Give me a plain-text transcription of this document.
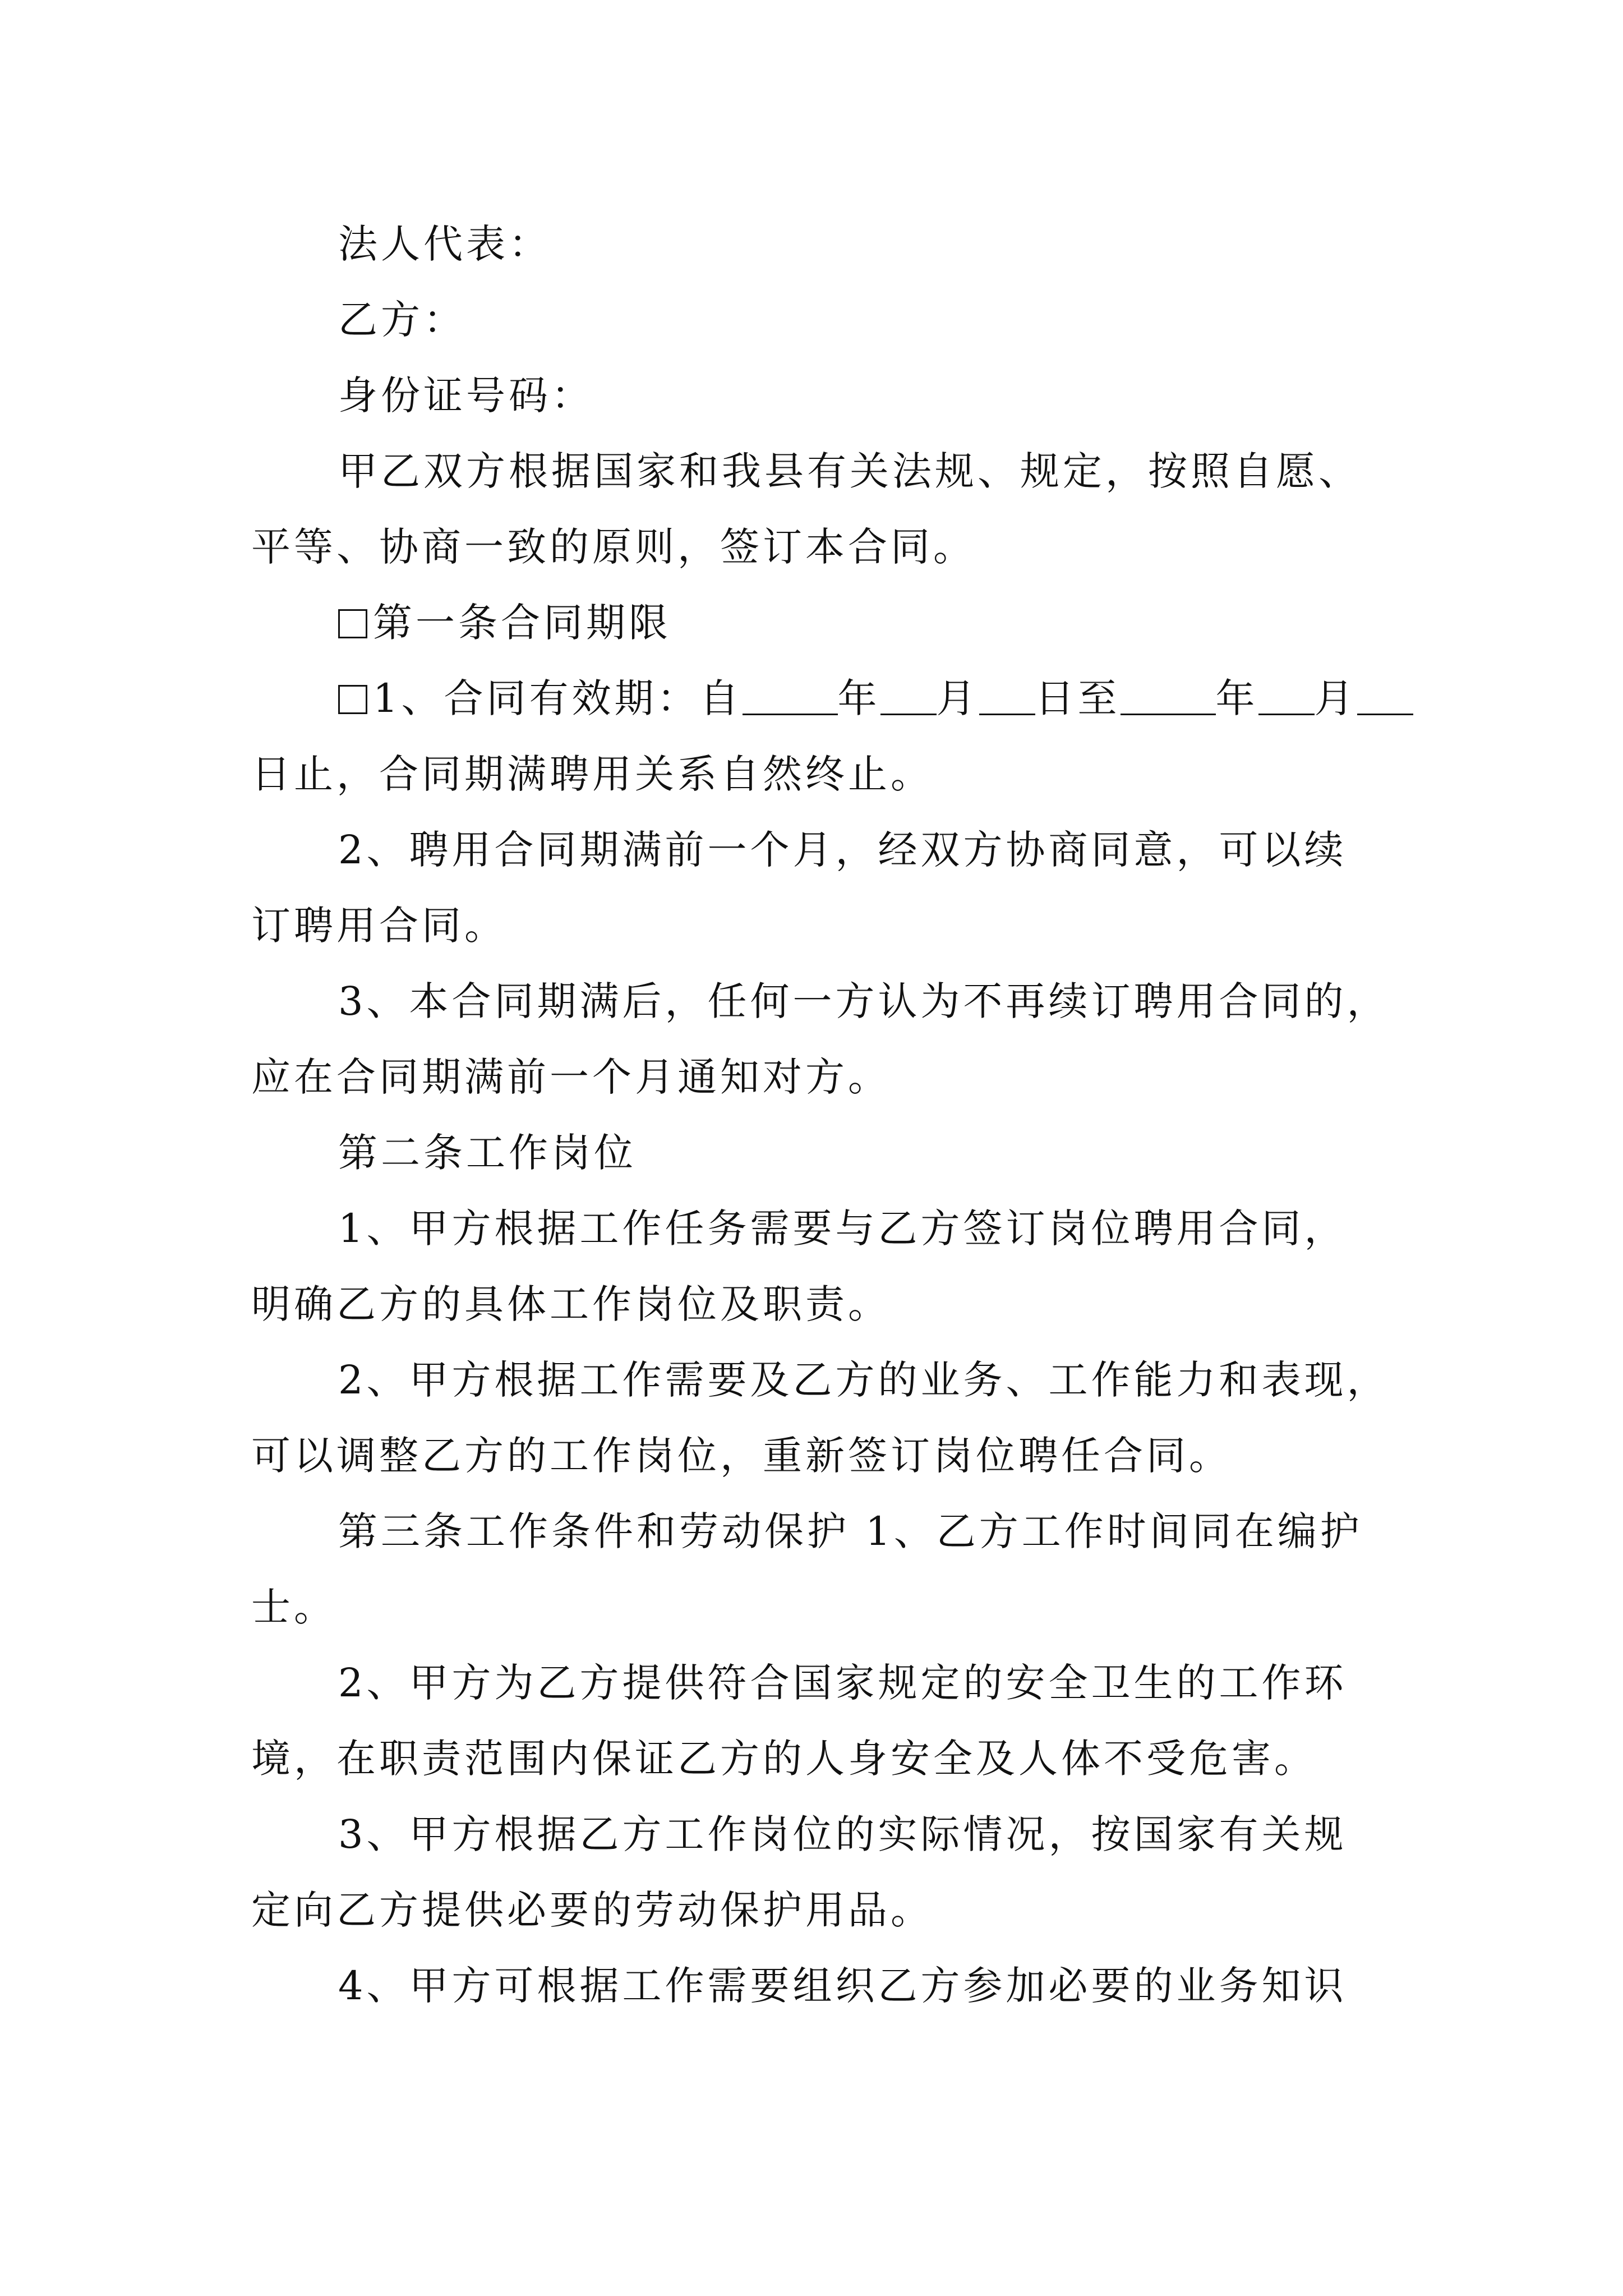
法人代表：
乙方：
身份证号码：
甲乙双方根据国家和我县有关法规、规定，按照自愿、
平等、协商一致的原则，签订本合同。
第一条合同期限
1、合同有效期：自 年 月 日至 年 月
日止，合同期满聘用关系自然终止。
2、聘用合同期满前一个月，经双方协商同意，可以续
订聘用合同。
3、本合同期满后，任何一方认为不再续订聘用合同的，
应在合同期满前一个月通知对方。
第二条工作岗位
1、甲方根据工作任务需要与乙方签订岗位聘用合同，
明确乙方的具体工作岗位及职责。
2、甲方根据工作需要及乙方的业务、工作能力和表现，
可以调整乙方的工作岗位，重新签订岗位聘任合同。
第三条工作条件和劳动保护 1、乙方工作时间同在编护
士。
2、甲方为乙方提供符合国家规定的安全卫生的工作环
境，在职责范围内保证乙方的人身安全及人体不受危害。
3、甲方根据乙方工作岗位的实际情况，按国家有关规
定向乙方提供必要的劳动保护用品。
4、甲方可根据工作需要组织乙方参加必要的业务知识
